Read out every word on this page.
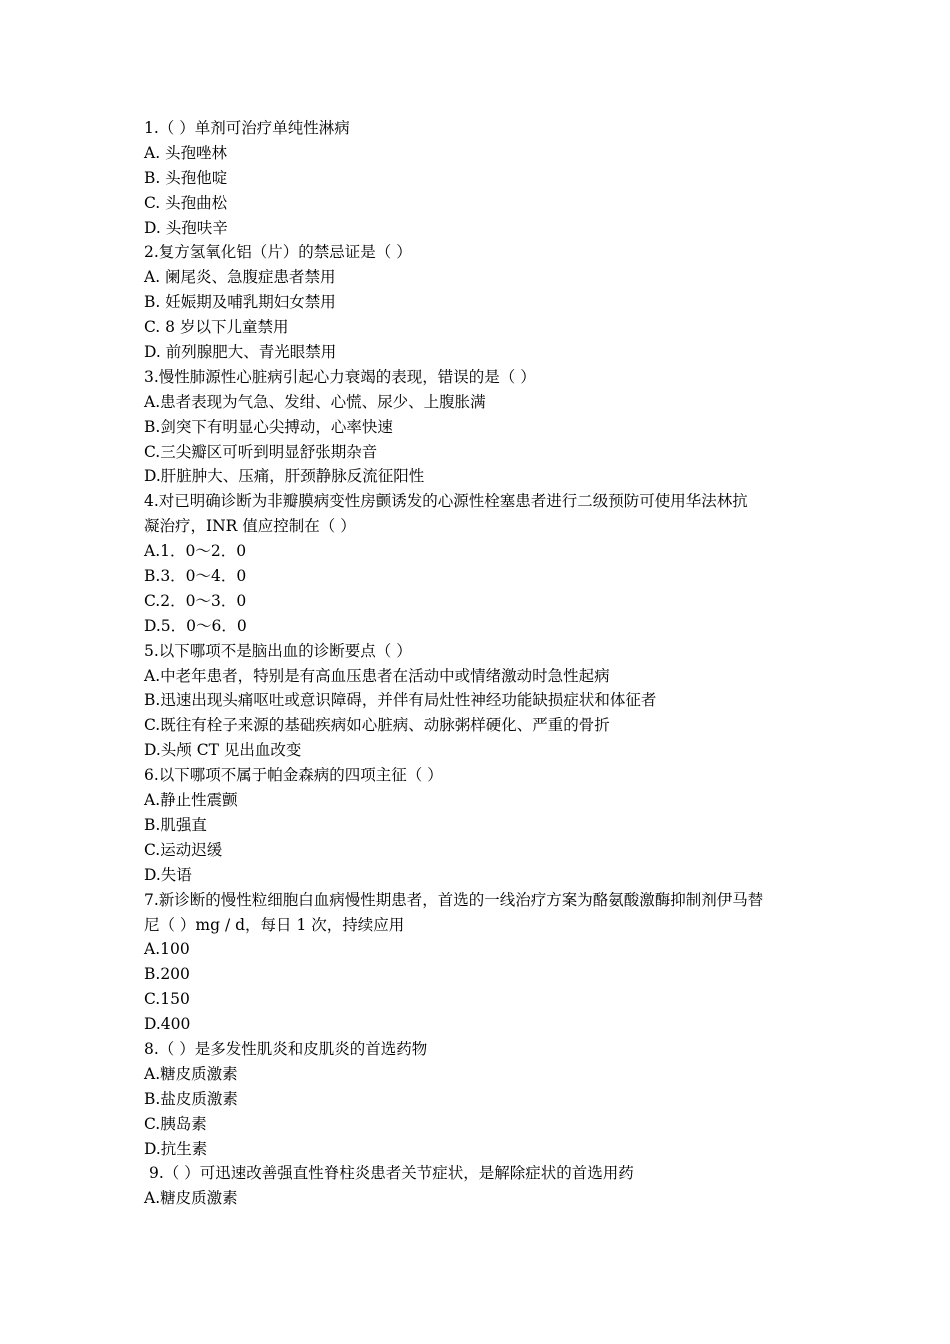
1.（ ）单剂可治疗单纯性淋病
A. 头孢唑林
B. 头孢他啶
C. 头孢曲松
D. 头孢呋辛
2.复方氢氧化铝（片）的禁忌证是（ ）
A. 阑尾炎、急腹症患者禁用
B. 妊娠期及哺乳期妇女禁用
C. 8 岁以下儿童禁用
D. 前列腺肥大、青光眼禁用
3.慢性肺源性心脏病引起心力衰竭的表现，错误的是（ ）
A.患者表现为气急、发绀、心慌、尿少、上腹胀满
B.剑突下有明显心尖搏动，心率快速
C.三尖瓣区可听到明显舒张期杂音
D.肝脏肿大、压痛，肝颈静脉反流征阳性
4.对已明确诊断为非瓣膜病变性房颤诱发的心源性栓塞患者进行二级预防可使用华法林抗
凝治疗，INR 值应控制在（ ）
A.1．0～2．0
B.3．0～4．0
C.2．0～3．0
D.5．0～6．0
5.以下哪项不是脑出血的诊断要点（ ）
A.中老年患者，特别是有高血压患者在活动中或情绪激动时急性起病
B.迅速出现头痛呕吐或意识障碍，并伴有局灶性神经功能缺损症状和体征者
C.既往有栓子来源的基础疾病如心脏病、动脉粥样硬化、严重的骨折
D.头颅 CT 见出血改变
6.以下哪项不属于帕金森病的四项主征（ ）
A.静止性震颤
B.肌强直
C.运动迟缓
D.失语
7.新诊断的慢性粒细胞白血病慢性期患者，首选的一线治疗方案为酪氨酸激酶抑制剂伊马替
尼（ ）mg / d，每日 1 次，持续应用
A.100
B.200
C.150
D.400
8.（ ）是多发性肌炎和皮肌炎的首选药物
A.糖皮质激素
B.盐皮质激素
C.胰岛素
D.抗生素
9.（ ）可迅速改善强直性脊柱炎患者关节症状，是解除症状的首选用药
A.糖皮质激素
